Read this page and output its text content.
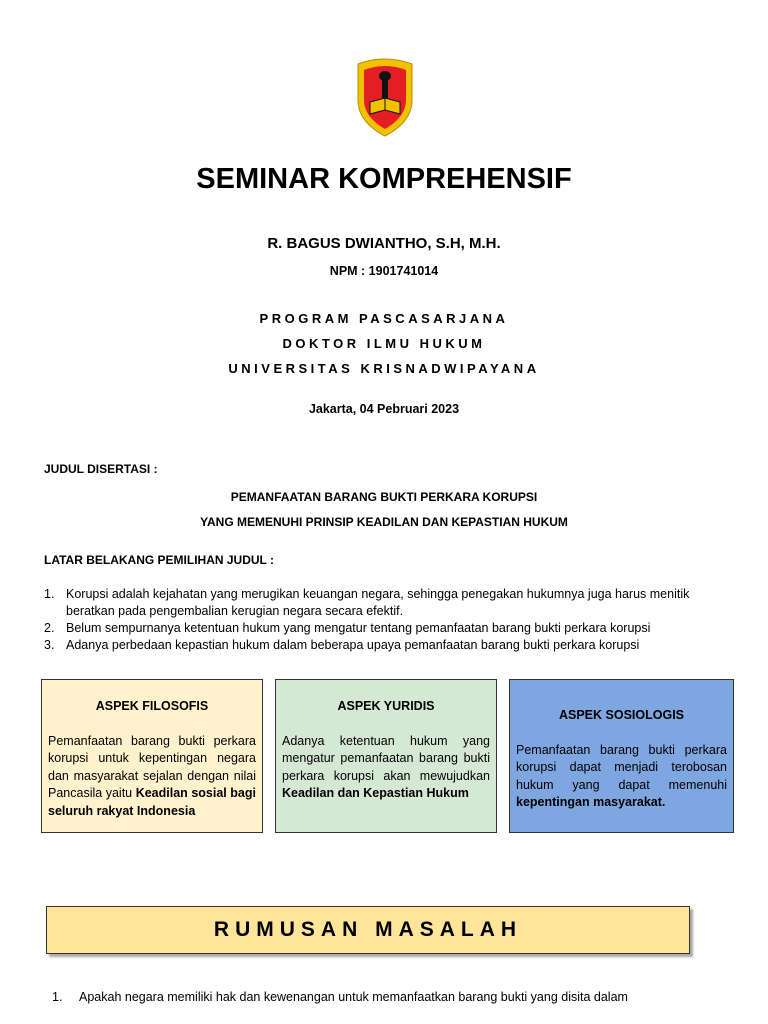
SEMINAR KOMPREHENSIF
R. BAGUS DWIANTHO, S.H, M.H.
NPM : 1901741014
PROGRAM PASCASARJANA
DOKTOR ILMU HUKUM
UNIVERSITAS KRISNADWIPAYANA
Jakarta, 04 Pebruari 2023
JUDUL DISERTASI :
PEMANFAATAN BARANG BUKTI PERKARA KORUPSI
YANG MEMENUHI PRINSIP KEADILAN DAN KEPASTIAN HUKUM
LATAR BELAKANG PEMILIHAN JUDUL :
1. Korupsi adalah kejahatan yang merugikan keuangan negara, sehingga penegakan hukumnya juga harus menitik beratkan pada pengembalian kerugian negara secara efektif.
2. Belum sempurnanya ketentuan hukum yang mengatur tentang pemanfaatan barang bukti perkara korupsi
3. Adanya perbedaan kepastian hukum dalam beberapa upaya pemanfaatan barang bukti perkara korupsi
ASPEK FILOSOFIS
Pemanfaatan barang bukti perkara korupsi untuk kepentingan negara dan masyarakat sejalan dengan nilai Pancasila yaitu Keadilan sosial bagi seluruh rakyat Indonesia
ASPEK YURIDIS
Adanya ketentuan hukum yang mengatur pemanfaatan barang bukti perkara korupsi akan mewujudkan Keadilan dan Kepastian Hukum
ASPEK SOSIOLOGIS
Pemanfaatan barang bukti perkara korupsi dapat menjadi terobosan hukum yang dapat memenuhi kepentingan masyarakat.
RUMUSAN MASALAH
1. Apakah negara memiliki hak dan kewenangan untuk memanfaatkan barang bukti yang disita dalam
